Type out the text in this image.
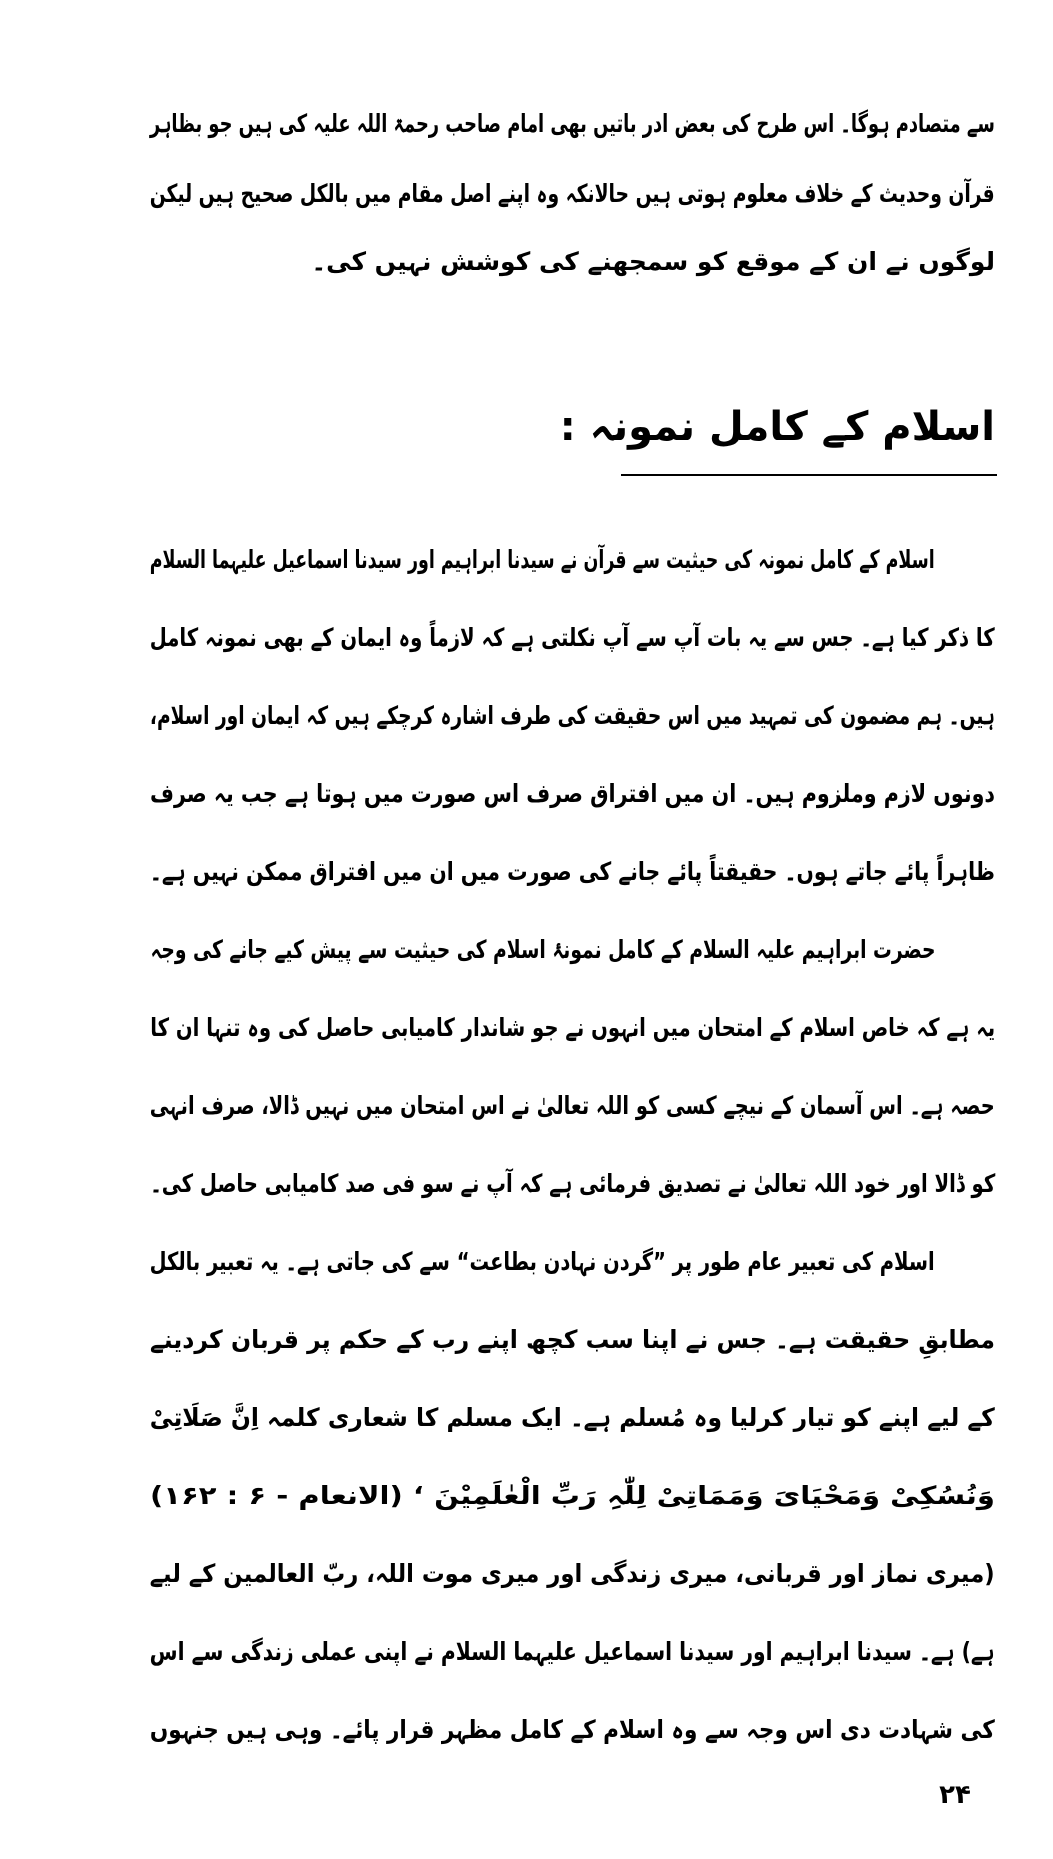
سے متصادم ہوگا۔ اس طرح کی بعض ادر باتیں بھی امام صاحب رحمۃ اللہ علیہ کی ہیں جو بظاہر
قرآن وحدیث کے خلاف معلوم ہوتی ہیں حالانکہ وہ اپنے اصل مقام میں بالکل صحیح ہیں لیکن
لوگوں نے ان کے موقع کو سمجھنے کی کوشش نہیں کی۔
اسلام کے کامل نمونہ :
اسلام کے کامل نمونہ کی حیثیت سے قرآن نے سیدنا ابراہیم اور سیدنا اسماعیل علیہما السلام
کا ذکر کیا ہے۔ جس سے یہ بات آپ سے آپ نکلتی ہے کہ لازماً وہ ایمان کے بھی نمونہ کامل
ہیں۔ ہم مضمون کی تمہید میں اس حقیقت کی طرف اشارہ کرچکے ہیں کہ ایمان اور اسلام،
دونوں لازم وملزوم ہیں۔ ان میں افتراق صرف اس صورت میں ہوتا ہے جب یہ صرف
ظاہراً پائے جاتے ہوں۔ حقیقتاً پائے جانے کی صورت میں ان میں افتراق ممکن نہیں ہے۔
حضرت ابراہیم علیہ السلام کے کامل نمونۂ اسلام کی حیثیت سے پیش کیے جانے کی وجہ
یہ ہے کہ خاص اسلام کے امتحان میں انہوں نے جو شاندار کامیابی حاصل کی وہ تنہا ان کا
حصہ ہے۔ اس آسمان کے نیچے کسی کو اللہ تعالیٰ نے اس امتحان میں نہیں ڈالا، صرف انہی
کو ڈالا اور خود اللہ تعالیٰ نے تصدیق فرمائی ہے کہ آپ نے سو فی صد کامیابی حاصل کی۔
اسلام کی تعبیر عام طور پر ”گردن نہادن بطاعت“ سے کی جاتی ہے۔ یہ تعبیر بالکل
مطابقِ حقیقت ہے۔ جس نے اپنا سب کچھ اپنے رب کے حکم پر قربان کردینے
کے لیے اپنے کو تیار کرلیا وہ مُسلم ہے۔ ایک مسلم کا شعاری کلمہ اِنَّ صَلَاتِیْ
وَنُسُکِیْ وَمَحْیَایَ وَمَمَاتِیْ لِلّٰہِ رَبِّ الْعٰلَمِیْنَ ‘ (الانعام - ۶ : ۱۶۲)
(میری نماز اور قربانی، میری زندگی اور میری موت اللہ، ربّ العالمین کے لیے
ہے) ہے۔ سیدنا ابراہیم اور سیدنا اسماعیل علیہما السلام نے اپنی عملی زندگی سے اس
کی شہادت دی اس وجہ سے وہ اسلام کے کامل مظہر قرار پائے۔ وہی ہیں جنہوں
۲۴
